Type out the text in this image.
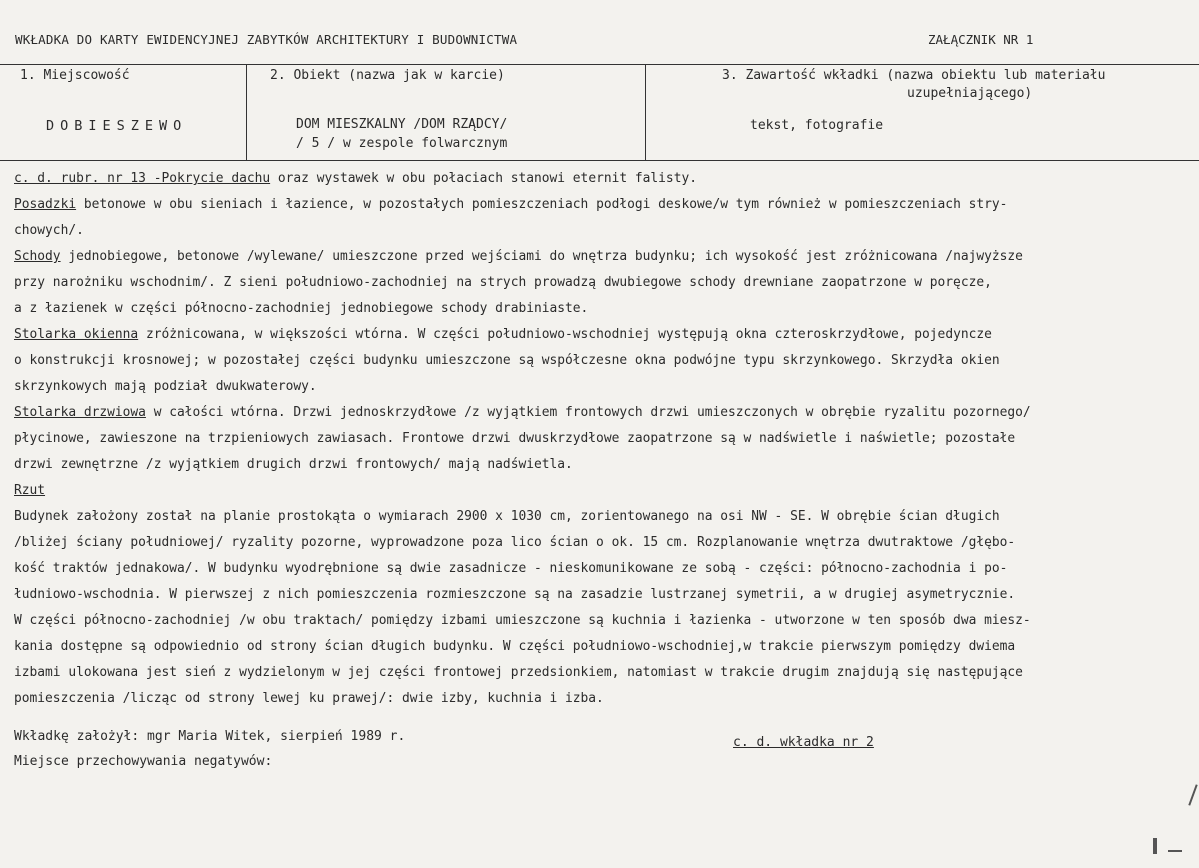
WKŁADKA DO KARTY EWIDENCYJNEJ ZABYTKÓW ARCHITEKTURY I BUDOWNICTWA	ZAŁĄCZNIK NR 1
1. Miejscowość
DOBIESZEWO
2. Obiekt (nazwa jak w karcie)
DOM MIESZKALNY /DOM RZĄDCY/
/ 5 / w zespole folwarcznym
3. Zawartość wkładki (nazwa obiektu lub materiału
uzupełniającego)
tekst, fotografie
c. d. rubr. nr 13 -Pokrycie dachu oraz wystawek w obu połaciach stanowi eternit falisty.
Posadzki betonowe w obu sieniach i łazience, w pozostałych pomieszczeniach podłogi deskowe/w tym również w pomieszczeniach stry-
chowych/.
Schody jednobiegowe, betonowe /wylewane/ umieszczone przed wejściami do wnętrza budynku; ich wysokość jest zróżnicowana /najwyższe
przy narożniku wschodnim/. Z sieni południowo-zachodniej na strych prowadzą dwubiegowe schody drewniane zaopatrzone w poręcze,
a z łazienek w części północno-zachodniej jednobiegowe schody drabiniaste.
Stolarka okienna zróżnicowana, w większości wtórna. W części południowo-wschodniej występują okna czteroskrzydłowe, pojedyncze
o konstrukcji krosnowej; w pozostałej części budynku umieszczone są współczesne okna podwójne typu skrzynkowego. Skrzydła okien
skrzynkowych mają podział dwukwaterowy.
Stolarka drzwiowa w całości wtórna. Drzwi jednoskrzydłowe /z wyjątkiem frontowych drzwi umieszczonych w obrębie ryzalitu pozornego/
płycinowe, zawieszone na trzpieniowych zawiasach. Frontowe drzwi dwuskrzydłowe zaopatrzone są w nadświetle i naświetle; pozostałe
drzwi zewnętrzne /z wyjątkiem drugich drzwi frontowych/ mają nadświetla.
Rzut
Budynek założony został na planie prostokąta o wymiarach 2900 x 1030 cm, zorientowanego na osi NW - SE. W obrębie ścian długich
/bliżej ściany południowej/ ryzality pozorne, wyprowadzone poza lico ścian o ok. 15 cm. Rozplanowanie wnętrza dwutraktowe /głębo-
kość traktów jednakowa/. W budynku wyodrębnione są dwie zasadnicze - nieskomunikowane ze sobą - części: północno-zachodnia i po-
łudniowo-wschodnia. W pierwszej z nich pomieszczenia rozmieszczone są na zasadzie lustrzanej symetrii, a w drugiej asymetrycznie.
W części północno-zachodniej /w obu traktach/ pomiędzy izbami umieszczone są kuchnia i łazienka - utworzone w ten sposób dwa miesz-
kania dostępne są odpowiednio od strony ścian długich budynku. W części południowo-wschodniej,w trakcie pierwszym pomiędzy dwiema
izbami ulokowana jest sień z wydzielonym w jej części frontowej przedsionkiem, natomiast w trakcie drugim znajdują się następujące
pomieszczenia /licząc od strony lewej ku prawej/: dwie izby, kuchnia i izba.
Wkładkę założył: mgr Maria Witek, sierpień 1989 r.
Miejsce przechowywania negatywów:
c. d. wkładka nr 2
